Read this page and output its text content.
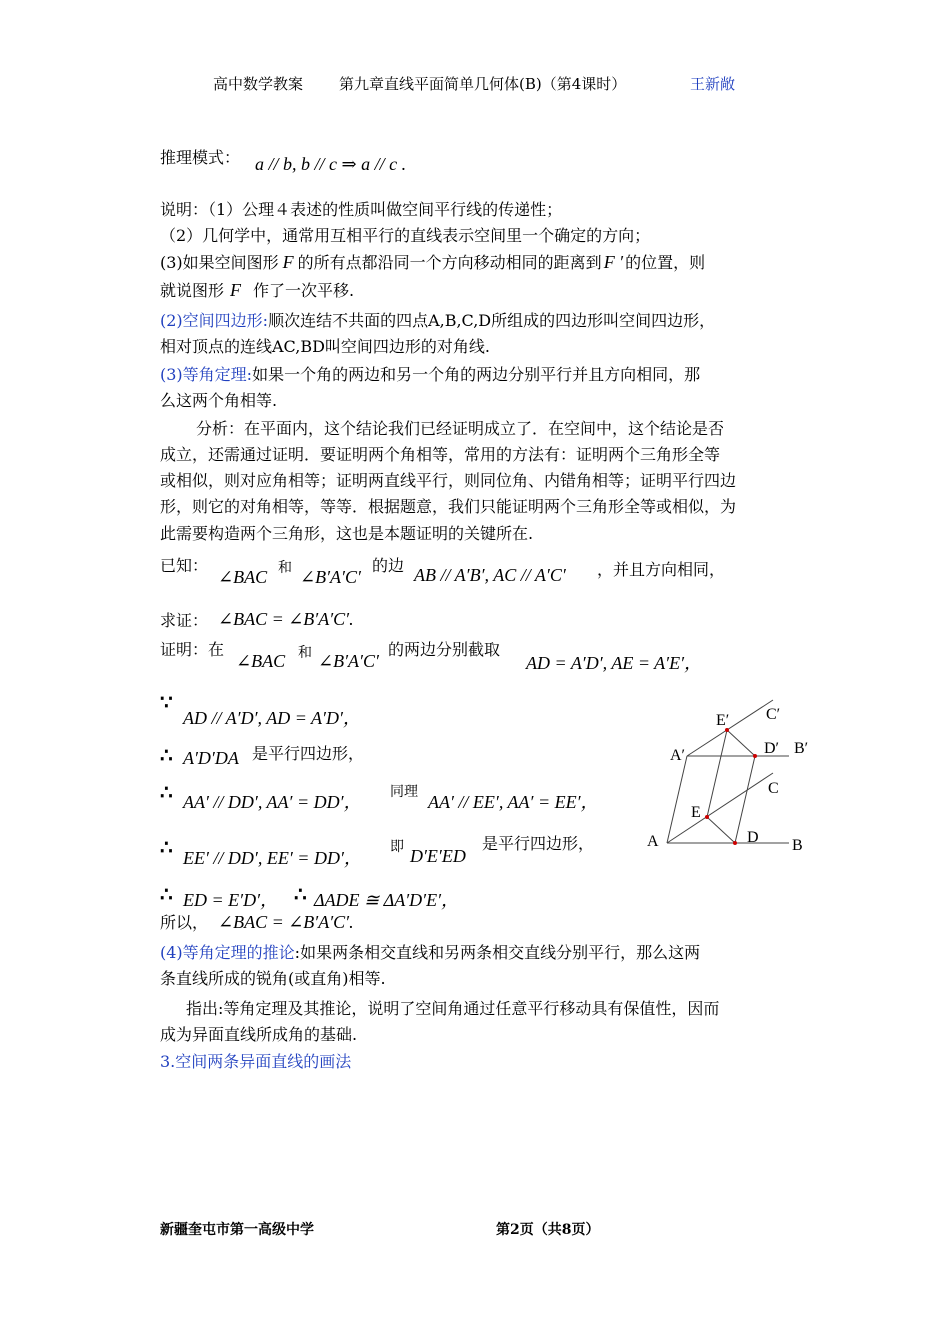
高中数学教案 第九章直线平面简单几何体(B)（第4课时）	王新敞
推理模式： a // b, b // c ⇒ a // c .
说明：（1）公理４表述的性质叫做空间平行线的传递性；
（2）几何学中，通常用互相平行的直线表示空间里一个确定的方向；
(3)如果空间图形 F 的所有点都沿同一个方向移动相同的距离到 F ′ 的位置，则
就说图形 F 作了一次平移.
(2)空间四边形:顺次连结不共面的四点A,B,C,D所组成的四边形叫空间四边形，
相对顶点的连线AC,BD叫空间四边形的对角线.
(3)等角定理:如果一个角的两边和另一个角的两边分别平行并且方向相同，那
么这两个角相等.
分析：在平面内，这个结论我们已经证明成立了．在空间中，这个结论是否
成立，还需通过证明．要证明两个角相等，常用的方法有：证明两个三角形全等
或相似，则对应角相等；证明两直线平行，则同位角、内错角相等；证明平行四边
形，则它的对角相等，等等．根据题意，我们只能证明两个三角形全等或相似，为
此需要构造两个三角形，这也是本题证明的关键所在.
已知：
∠BAC 和 ∠B′A′C′
的边 AB // A′B′, AC // A′C′ ，并且方向相同，
求证： ∠BAC = ∠B′A′C′.
证明：在
∠BAC 和 ∠B′A′C′
的两边分别截取
AD = A′D′, AE = A′E′，
∵
AD // A′D′, AD = A′D′，
∴ A′D′DA 是平行四边形，
∴ AA′ // DD′, AA′ = DD′， 同理 AA′ // EE′, AA′ = EE′，
∴ EE′ // DD′, EE′ = DD′，
即 D′E′ED
是平行四边形，
∴ ED = E′D′， ∴ ΔADE ≅ ΔA′D′E′，
所以， ∠BAC = ∠B′A′C′.
(4)等角定理的推论:如果两条相交直线和另两条相交直线分别平行，那么这两
条直线所成的锐角(或直角)相等.
指出:等角定理及其推论，说明了空间角通过任意平行移动具有保值性，因而
成为异面直线所成角的基础.
3.空间两条异面直线的画法
E′ C′
A′	D′ B′
C
E
A	D B
新疆奎屯市第一高级中学	第2页（共8页）
